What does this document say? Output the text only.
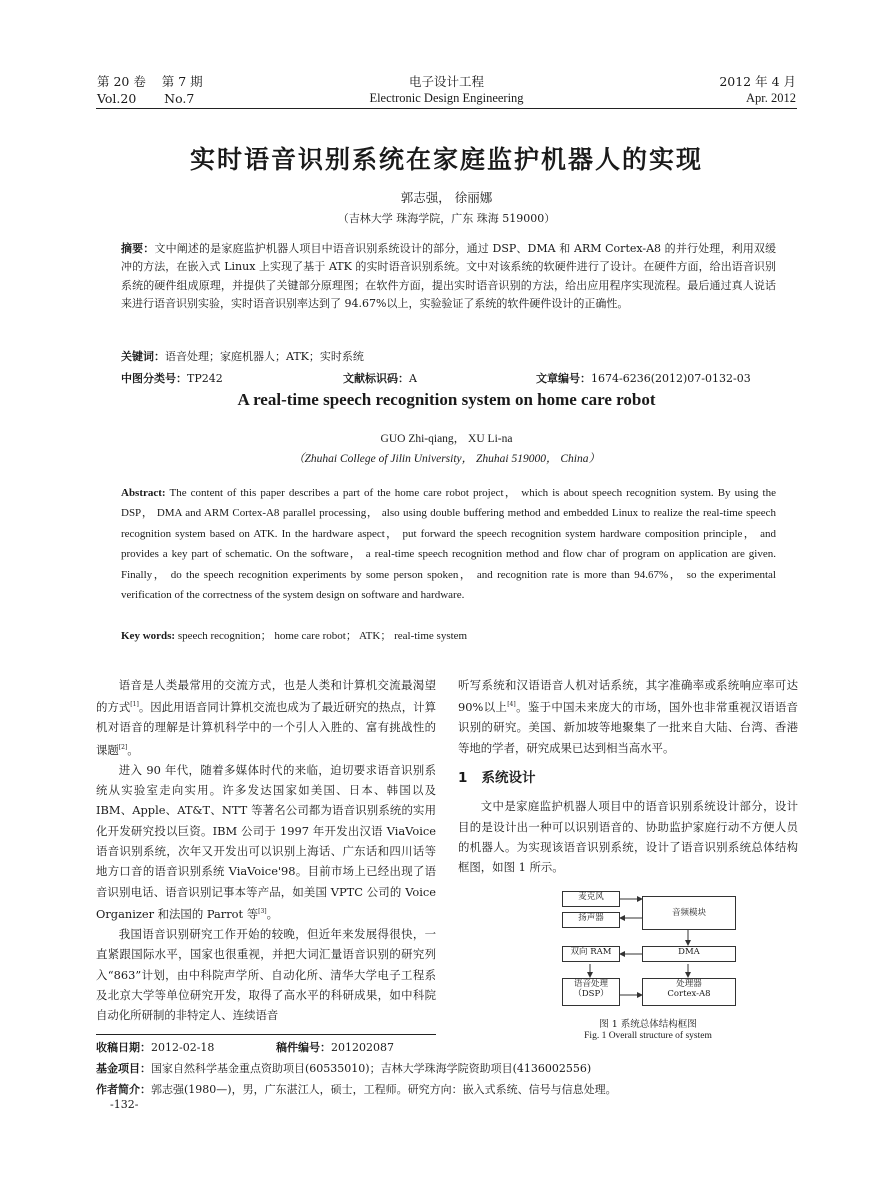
第 20 卷 第 7 期
Vol.20 No.7
电子设计工程
Electronic Design Engineering
2012 年 4 月
Apr. 2012
实时语音识别系统在家庭监护机器人的实现
郭志强， 徐丽娜
（吉林大学 珠海学院，广东 珠海 519000）
摘要：文中阐述的是家庭监护机器人项目中语音识别系统设计的部分，通过 DSP、DMA 和 ARM Cortex-A8 的并行处理，利用双缓冲的方法，在嵌入式 Linux 上实现了基于 ATK 的实时语音识别系统。文中对该系统的软硬件进行了设计。在硬件方面，给出语音识别系统的硬件组成原理，并提供了关键部分原理图；在软件方面，提出实时语音识别的方法，给出应用程序实现流程。最后通过真人说话来进行语音识别实验，实时语音识别率达到了 94.67%以上，实验验证了系统的软件硬件设计的正确性。
关键词：语音处理；家庭机器人；ATK；实时系统
中图分类号：TP242	文献标识码：A	文章编号：1674-6236(2012)07-0132-03
A real-time speech recognition system on home care robot
GUO Zhi-qiang， XU Li-na
（Zhuhai College of Jilin University， Zhuhai 519000， China）
Abstract: The content of this paper describes a part of the home care robot project， which is about speech recognition system. By using the DSP， DMA and ARM Cortex-A8 parallel processing， also using double buffering method and embedded Linux to realize the real-time speech recognition system based on ATK. In the hardware aspect， put forward the speech recognition system hardware composition principle， and provides a key part of schematic. On the software， a real-time speech recognition method and flow char of program on application are given. Finally， do the speech recognition experiments by some person spoken， and recognition rate is more than 94.67%， so the experimental verification of the correctness of the system design on software and hardware.
Key words: speech recognition； home care robot； ATK； real-time system

语音是人类最常用的交流方式，也是人类和计算机交流最渴望的方式[1]。因此用语音同计算机交流也成为了最近研究的热点，计算机对语音的理解是计算机科学中的一个引人入胜的、富有挑战性的课题[2]。

进入 90 年代，随着多媒体时代的来临，迫切要求语音识别系统从实验室走向实用。许多发达国家如美国、日本、韩国以及 IBM、Apple、AT&T、NTT 等著名公司都为语音识别系统的实用化开发研究投以巨资。IBM 公司于 1997 年开发出汉语 ViaVoice 语音识别系统，次年又开发出可以识别上海话、广东话和四川话等地方口音的语音识别系统 ViaVoice'98。目前市场上已经出现了语音识别电话、语音识别记事本等产品，如美国 VPTC 公司的 Voice Organizer 和法国的 Parrot 等[3]。

我国语音识别研究工作开始的较晚，但近年来发展得很快，一直紧跟国际水平，国家也很重视，并把大词汇量语音识别的研究列入“863”计划，由中科院声学所、自动化所、清华大学电子工程系及北京大学等单位研究开发，取得了高水平的科研成果，如中科院自动化所研制的非特定人、连续语音

听写系统和汉语语音人机对话系统，其字准确率或系统响应率可达 90%以上[4]。鉴于中国未来庞大的市场，国外也非常重视汉语语音识别的研究。美国、新加坡等地聚集了一批来自大陆、台湾、香港等地的学者，研究成果已达到相当高水平。

1 系统设计

文中是家庭监护机器人项目中的语音识别系统设计部分，设计目的是设计出一种可以识别语音的、协助监护家庭行动不方便人员的机器人。为实现该语音识别系统，设计了语音识别系统总体结构框图，如图 1 所示。

麦克风
扬声器	音频模块
双向 RAM	DMA
语音处理
（DSP）
处理器
Cortex-A8
图 1 系统总体结构框图
Fig. 1 Overall structure of system
收稿日期：2012-02-18	稿件编号：201202087
基金项目：国家自然科学基金重点资助项目(60535010)；吉林大学珠海学院资助项目(4136002556)
作者简介：郭志强(1980—)，男，广东湛江人，硕士，工程师。研究方向：嵌入式系统、信号与信息处理。
-132-
